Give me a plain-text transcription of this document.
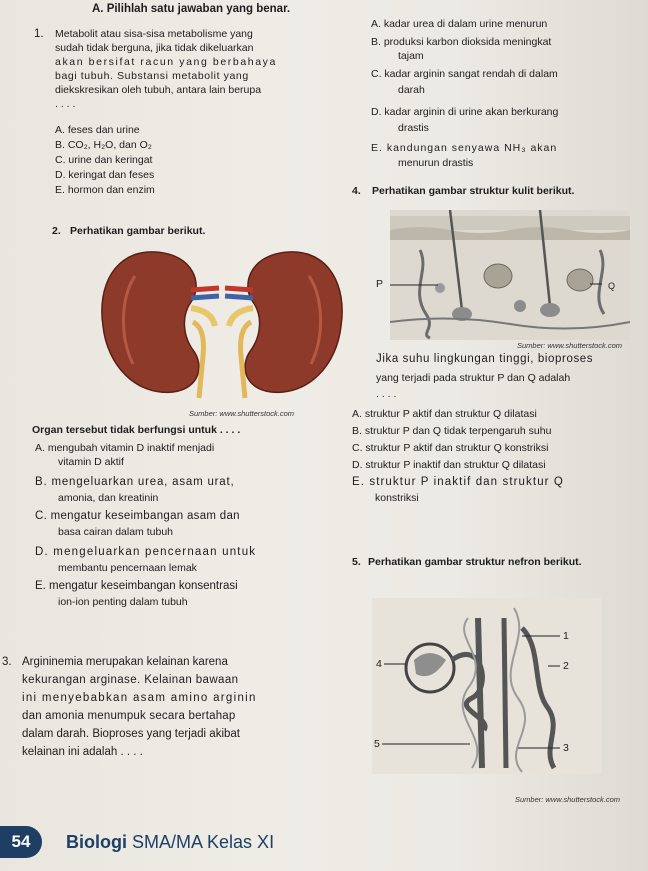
A. Pilihlah satu jawaban yang benar.
1. Metabolit atau sisa-sisa metabolisme yang
sudah tidak berguna, jika tidak dikeluarkan
akan bersifat racun yang berbahaya
bagi tubuh. Substansi metabolit yang
diekskresikan oleh tubuh, antara lain berupa
. . . .
A. feses dan urine
B. CO₂, H₂O, dan O₂
C. urine dan keringat
D. keringat dan feses
E. hormon dan enzim
A. kadar urea di dalam urine menurun
B. produksi karbon dioksida meningkat
tajam
C. kadar arginin sangat rendah di dalam
darah
D. kadar arginin di urine akan berkurang
drastis
E. kandungan senyawa NH₃ akan
menurun drastis
4. Perhatikan gambar struktur kulit berikut.
2. Perhatikan gambar berikut.
Sumber: www.shutterstock.com
P	Q
Sumber: www.shutterstock.com
Jika suhu lingkungan tinggi, bioproses
yang terjadi pada struktur P dan Q adalah
. . . .
A. struktur P aktif dan struktur Q dilatasi
B. struktur P dan Q tidak terpengaruh suhu
C. struktur P aktif dan struktur Q konstriksi
D. struktur P inaktif dan struktur Q dilatasi
E. struktur P inaktif dan struktur Q
konstriksi
Organ tersebut tidak berfungsi untuk . . . .
A. mengubah vitamin D inaktif menjadi
vitamin D aktif
B. mengeluarkan urea, asam urat,
amonia, dan kreatinin
C. mengatur keseimbangan asam dan
basa cairan dalam tubuh
D. mengeluarkan pencernaan untuk
membantu pencernaan lemak
E. mengatur keseimbangan konsentrasi
ion-ion penting dalam tubuh
5. Perhatikan gambar struktur nefron berikut.
1
2
3
4
5
Sumber: www.shutterstock.com
3. Argininemia merupakan kelainan karena
kekurangan arginase. Kelainan bawaan
ini menyebabkan asam amino arginin
dan amonia menumpuk secara bertahap
dalam darah. Bioproses yang terjadi akibat
kelainan ini adalah . . . .
54	Biologi SMA/MA Kelas XI
